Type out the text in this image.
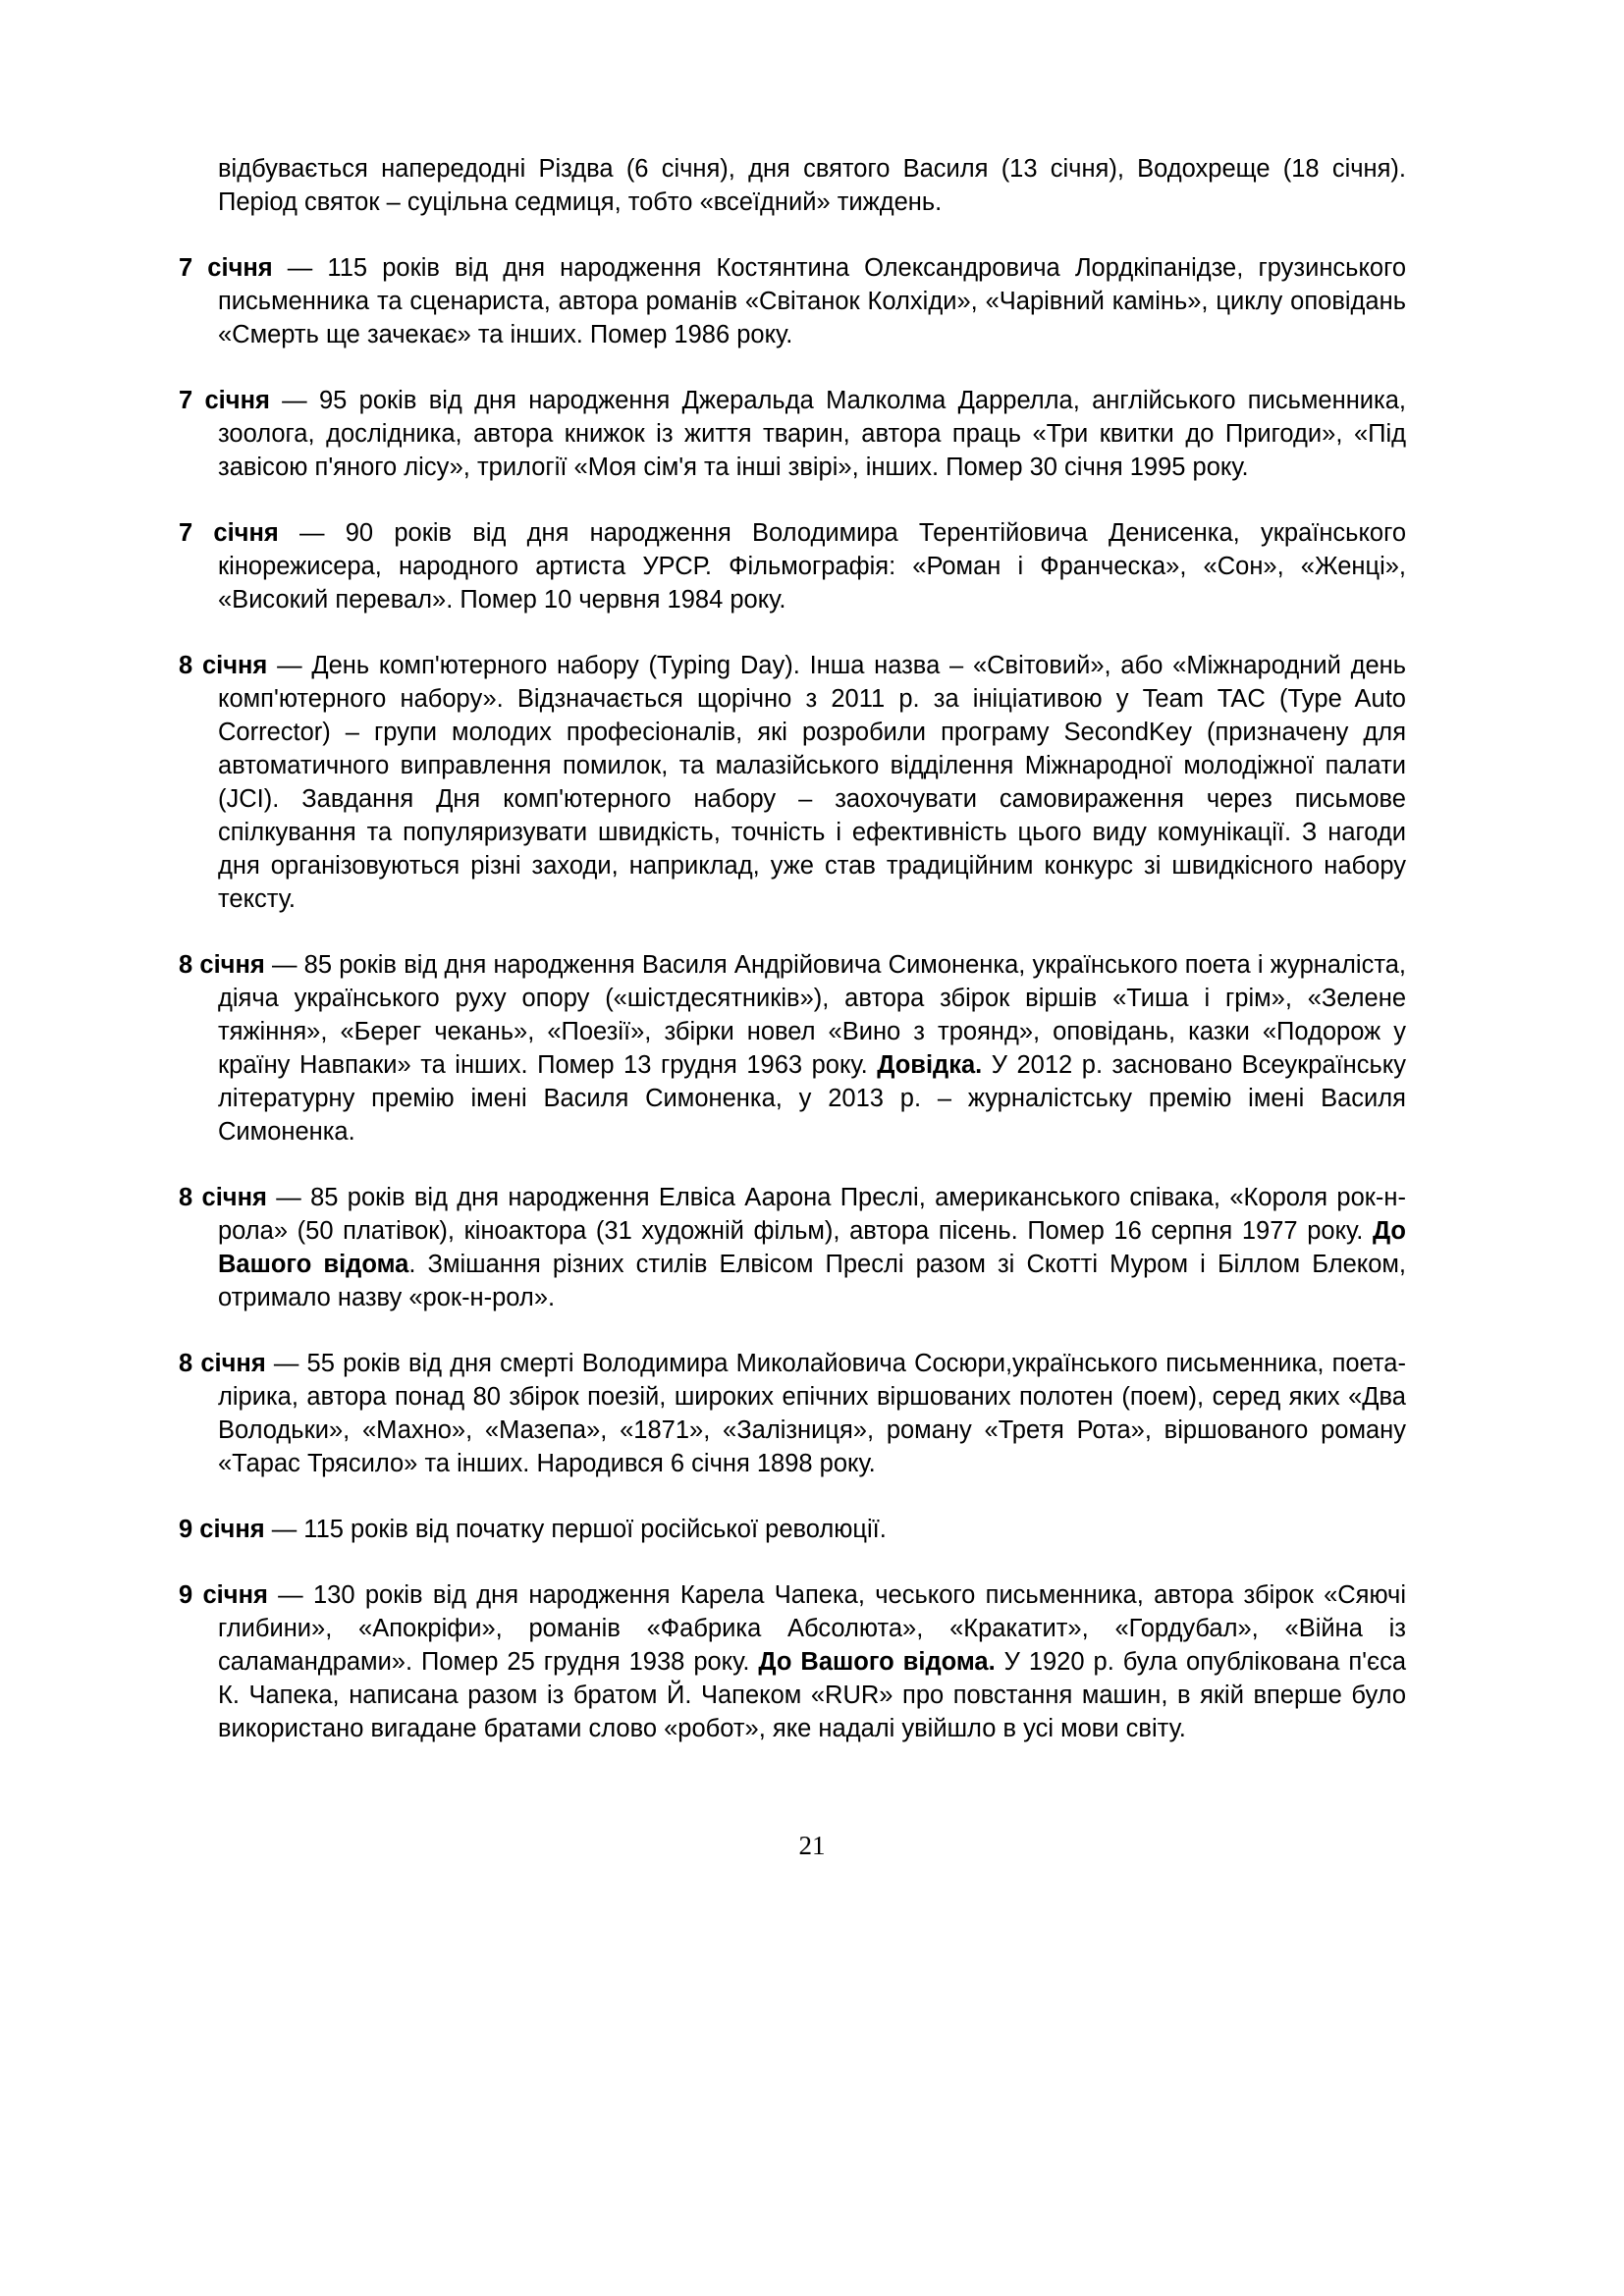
відбувається напередодні Різдва (6 січня), дня святого Василя (13 січня), Водохреще (18 січня). Період святок – суцільна седмиця, тобто «всеїдний» тиждень.

7 січня — 115 років від дня народження Костянтина Олександровича Лордкіпанідзе, грузинського письменника та сценариста, автора романів «Світанок Колхіди», «Чарівний камінь», циклу оповідань «Смерть ще зачекає» та інших. Помер 1986 року.

7 січня — 95 років від дня народження Джеральда Малколма Даррелла, англійського письменника, зоолога, дослідника, автора книжок із життя тварин, автора праць «Три квитки до Пригоди», «Під завісою п'яного лісу», трилогії «Моя сім'я та інші звірі», інших. Помер 30 січня 1995 року.

7 січня — 90 років від дня народження Володимира Терентійовича Денисенка, українського кінорежисера, народного артиста УРСР. Фільмографія: «Роман і Франческа», «Сон», «Женці», «Високий перевал». Помер 10 червня 1984 року.

8 січня — День комп'ютерного набору (Typing Day). Інша назва – «Світовий», або «Міжнародний день комп'ютерного набору». Відзначається щорічно з 2011 р. за ініціативою у Team TAC (Type Auto Corrector) – групи молодих професіоналів, які розробили програму SecondKey (призначену для автоматичного виправлення помилок, та малазійського відділення Міжнародної молодіжної палати (JCI). Завдання Дня комп'ютерного набору – заохочувати самовираження через письмове спілкування та популяризувати швидкість, точність і ефективність цього виду комунікації. З нагоди дня організовуються різні заходи, наприклад, уже став традиційним конкурс зі швидкісного набору тексту.

8 січня — 85 років від дня народження Василя Андрійовича Симоненка, українського поета і журналіста, діяча українського руху опору («шістдесятників»), автора збірок віршів «Тиша і грім», «Зелене тяжіння», «Берег чекань», «Поезії», збірки новел «Вино з троянд», оповідань, казки «Подорож у країну Навпаки» та інших. Помер 13 грудня 1963 року. Довідка. У 2012 р. засновано Всеукраїнську літературну премію імені Василя Симоненка, у 2013 р. – журналістську премію імені Василя Симоненка.

8 січня — 85 років від дня народження Елвіса Аарона Преслі, американського співака, «Короля рок-н-рола» (50 платівок), кіноактора (31 художній фільм), автора пісень. Помер 16 серпня 1977 року. До Вашого відома. Змішання різних стилів Елвісом Преслі разом зі Скотті Муром і Біллом Блеком, отримало назву «рок-н-рол».

8 січня — 55 років від дня смерті Володимира Миколайовича Сосюри,українського письменника, поета-лірика, автора понад 80 збірок поезій, широких епічних віршованих полотен (поем), серед яких «Два Володьки», «Махно», «Мазепа», «1871», «Залізниця», роману «Третя Рота», віршованого роману «Тарас Трясило» та інших. Народився 6 січня 1898 року.

9 січня — 115 років від початку першої російської революції.

9 січня — 130 років від дня народження Карела Чапека, чеського письменника, автора збірок «Сяючі глибини», «Апокріфи», романів «Фабрика Абсолюта», «Кракатит», «Гордубал», «Війна із саламандрами». Помер 25 грудня 1938 року. До Вашого відома. У 1920 р. була опублікована п'єса К. Чапека, написана разом із братом Й. Чапеком «RUR» про повстання машин, в якій вперше було використано вигадане братами слово «робот», яке надалі увійшло в усі мови світу.

21
